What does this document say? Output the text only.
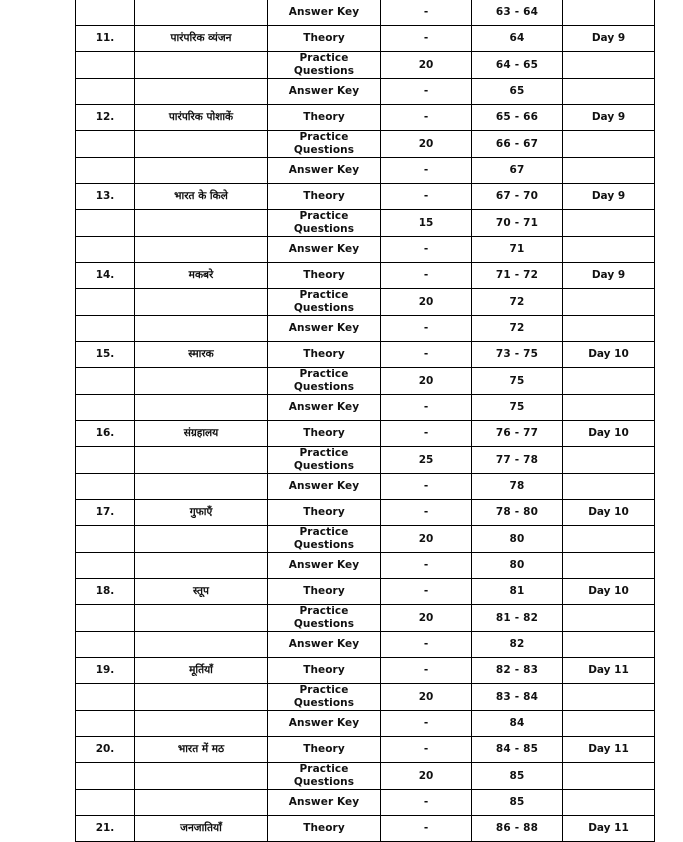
		Answer Key	-	63 - 64	
11.	पारंपरिक व्यंजन	Theory	-	64	Day 9
		Practice Questions	20	64 - 65	
		Answer Key	-	65	
12.	पारंपरिक पोशाकें	Theory	-	65 - 66	Day 9
		Practice Questions	20	66 - 67	
		Answer Key	-	67	
13.	भारत के किले	Theory	-	67 - 70	Day 9
		Practice Questions	15	70 - 71	
		Answer Key	-	71	
14.	मकबरे	Theory	-	71 - 72	Day 9
		Practice Questions	20	72	
		Answer Key	-	72	
15.	स्मारक	Theory	-	73 - 75	Day 10
		Practice Questions	20	75	
		Answer Key	-	75	
16.	संग्रहालय	Theory	-	76 - 77	Day 10
		Practice Questions	25	77 - 78	
		Answer Key	-	78	
17.	गुफाएँ	Theory	-	78 - 80	Day 10
		Practice Questions	20	80	
		Answer Key	-	80	
18.	स्तूप	Theory	-	81	Day 10
		Practice Questions	20	81 - 82	
		Answer Key	-	82	
19.	मूर्तियाँ	Theory	-	82 - 83	Day 11
		Practice Questions	20	83 - 84	
		Answer Key	-	84	
20.	भारत में मठ	Theory	-	84 - 85	Day 11
		Practice Questions	20	85	
		Answer Key	-	85	
21.	जनजातियाँ	Theory	-	86 - 88	Day 11
